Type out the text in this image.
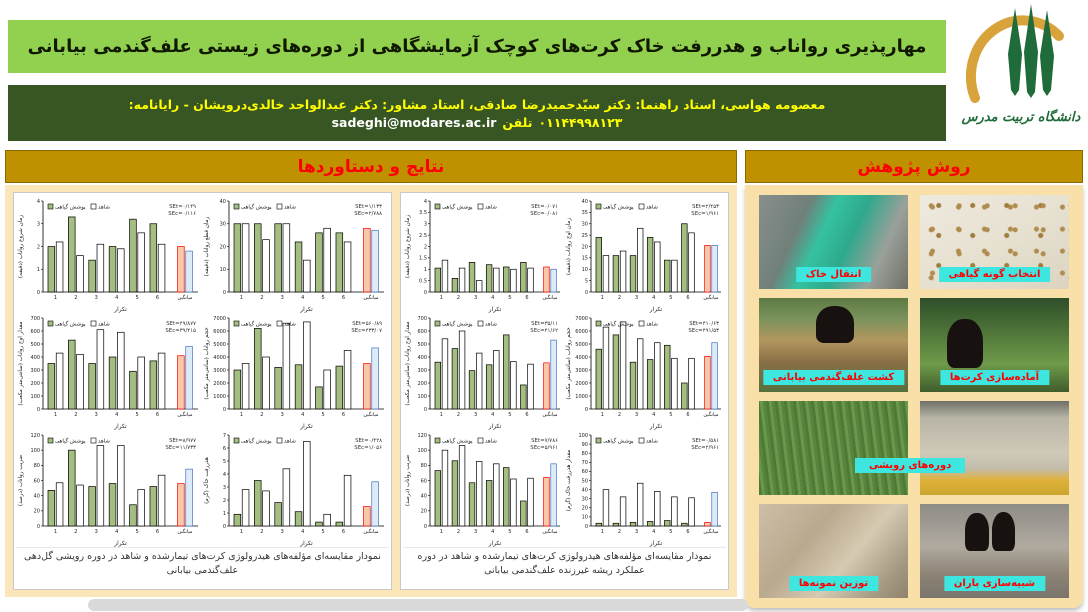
مهارپذیری رواناب و هدررفت خاک کرت‌های کوچک آزمایشگاهی از دوره‌های زیستی علف‌گندمی بیابانی
معصومه هواسی، استاد راهنما: دکتر سیّدحمیدرضا صادقی، استاد مشاور: دکتر عبدالواحد خالدی‌درویشان - رایانامه:
sadeghi@modares.ac.ir تلفن ۰۱۱۴۴۹۹۸۱۲۳	دانشگاه تربیت مدرس
نتایج و دستاوردها	روش پژوهش
0
1
2
3
4
زمان شروع رواناب (دقیقه)
1	2	3	4	5	6	میانگین
پوشش گیاهی شاهد	SEt=۰/۱۴۹
SEc=۰/۱۱۶
تکرار
0
10
20
30
40
زمان قطع رواناب (دقیقه)
1	2	3	4	5	6	میانگین
پوشش گیاهی شاهد	SEt=۱/۱۳۳
SEc=۲/۷۸۸
تکرار
0
100
200
300
400
500
600
700
مقدار اوج رواناب (سانتی‌متر مکعب)
1	2	3	4	5	6	میانگین
پوشش گیاهی شاهد	SEt=۴۹/۸۷۷
SEc=۳۹/۴۱۵
تکرار
0
1000
2000
3000
4000
5000
6000
7000
حجم رواناب (سانتی‌متر مکعب)
1	2	3	4	5	6	میانگین
پوشش گیاهی شاهد	SEt=۵۶۰/۸۹
SEc=۴۳۳/۰۷
تکرار
0
20
40
60
80
100
120
ضریب رواناب (درصد)
1	2	3	4	5	6	میانگین
پوشش گیاهی شاهد	SEt=۸/۹۷۷
SEc=۱۱/۷۳۳
تکرار
0
1
2
3
4
5
6
7
هدررفت خاک (گرم)
1	2	3	4	5	6	میانگین
پوشش گیاهی شاهد	SEt=۰/۴۲۸
SEc=۱/۰۵۶
تکرار
نمودار مقایسه‌ای مؤلفه‌های هیدرولوژی کرت‌های تیمارشده و شاهد در دوره رویشی گل‌دهی علف‌گندمی بیابانی
0
0.5
1
1.5
2
2.5
3
3.5
4
زمان شروع رواناب (دقیقه)
1	2	3	4	5	6	میانگین
پوشش گیاهی شاهد	SEt=۰/۰۷۱
SEc=۰/۰۸۱
تکرار
0
5
10
15
20
25
30
35
40
زمان اوج رواناب (دقیقه)
1	2	3	4	5	6	میانگین
پوشش گیاهی شاهد	SEt=۲/۴۵۳
SEc=۱/۹۶۱
تکرار
0
100
200
300
400
500
600
700
مقدار اوج رواناب (سانتی‌متر مکعب)
1	2	3	4	5	6	میانگین
پوشش گیاهی شاهد	SEt=۳۵/۱۱
SEc=۴۱/۶۲
تکرار
0
1000
2000
3000
4000
5000
6000
7000
حجم رواناب (سانتی‌متر مکعب)
1	2	3	4	5	6	میانگین
پوشش گیاهی شاهد	SEt=۴۱۰/۶۳
SEc=۴۹۱/۵۳
تکرار
0
20
40
60
80
100
120
ضریب رواناب (درصد)
1	2	3	4	5	6	میانگین
پوشش گیاهی شاهد	SEt=۷/۷۸۶
SEc=۵/۹۶۱
تکرار
0
10
20
30
40
50
60
70
80
90
100
مقدار هدررفت خاک (گرم)
1	2	3	4	5	6	میانگین
پوشش گیاهی شاهد	SEt=۰/۵۸۱
SEc=۲/۹۶۱
تکرار
نمودار مقایسه‌ای مؤلفه‌های هیدرولوژی کرت‌های تیمارشده و شاهد در دوره عملکرد ریشه غیرزنده علف‌گندمی بیابانی
انتقال خاک	انتخاب گونه گیاهی
کشت علف‌گندمی بیابانی	آماده‌سازی کرت‌ها
توزین نمونه‌ها	شبیه‌سازی باران
دوره‌های رویشی
